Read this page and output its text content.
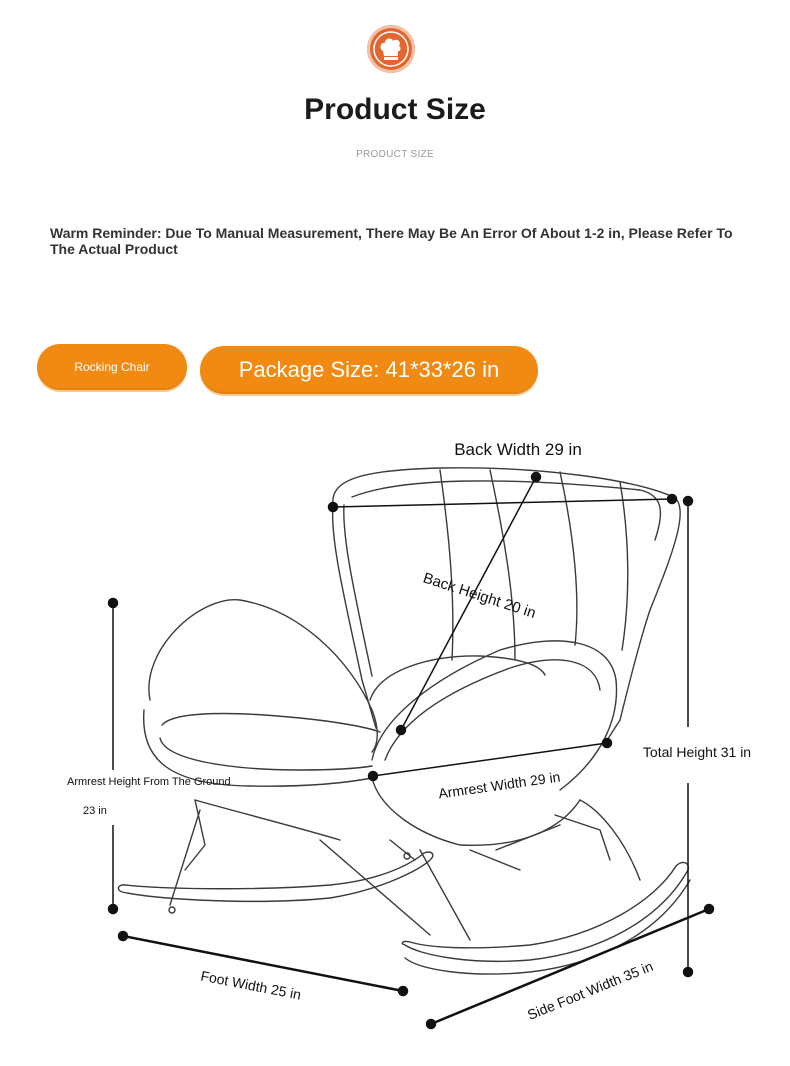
Product Size
PRODUCT SIZE
Warm Reminder: Due To Manual Measurement, There May Be An Error Of About 1-2 in, Please Refer To The Actual Product
Rocking Chair	Package Size: 41*33*26 in
Back Width 29 in
Back Height 20 in
Armrest Width 29 in
Armrest Height From The Ground
23 in
Total Height 31 in
Foot Width 25 in	Side Foot Width 35 in
